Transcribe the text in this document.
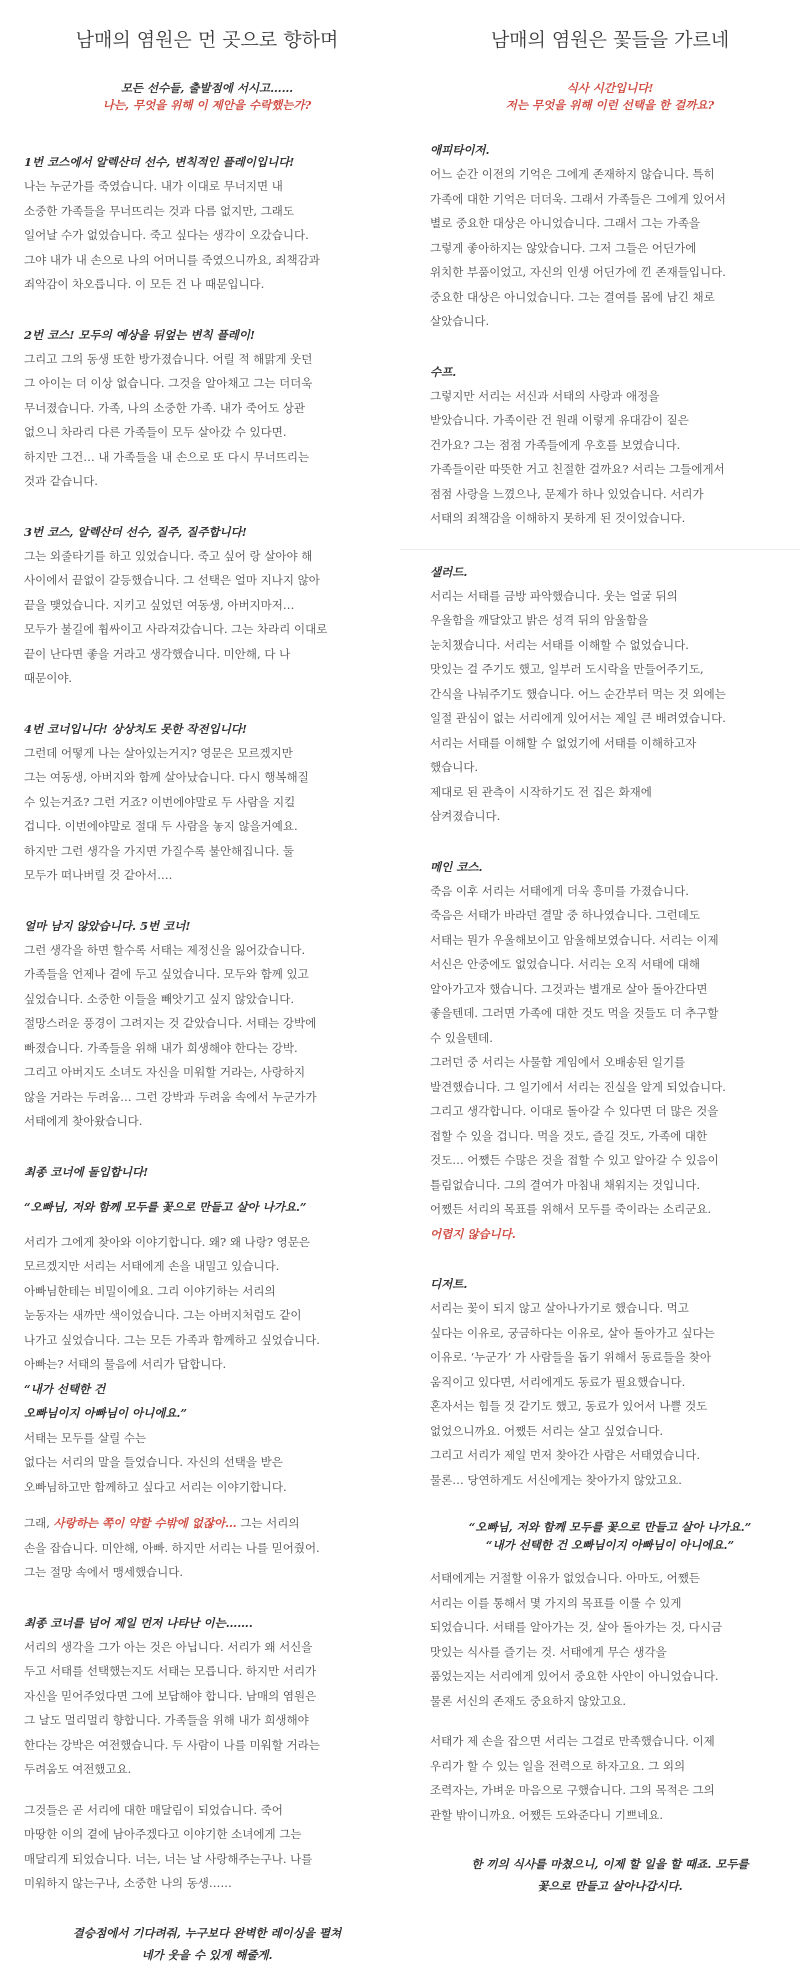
남매의 염원은 먼 곳으로 향하며
모든 선수들, 출발점에 서시고……
나는, 무엇을 위해 이 제안을 수락했는가?
1번 코스에서 알렉산더 선수, 변칙적인 플레이입니다!
나는 누군가를 죽였습니다. 내가 이대로 무너지면 내
소중한 가족들을 무너뜨리는 것과 다름 없지만, 그래도
일어날 수가 없었습니다. 죽고 싶다는 생각이 오갔습니다.
그야 내가 내 손으로 나의 어머니를 죽였으니까요, 죄책감과
죄악감이 차오릅니다. 이 모든 건 나 때문입니다.
2번 코스! 모두의 예상을 뒤엎는 변칙 플레이!
그리고 그의 동생 또한 방가졌습니다. 어릴 적 해맑게 웃던
그 아이는 더 이상 없습니다. 그것을 알아채고 그는 더더욱
무너졌습니다. 가족, 나의 소중한 가족. 내가 죽어도 상관
없으니 차라리 다른 가족들이 모두 살아갔 수 있다면.
하지만 그건… 내 가족들을 내 손으로 또 다시 무너뜨리는
것과 같습니다.
3번 코스, 알렉산더 선수, 질주, 질주합니다!
그는 외줄타기를 하고 있었습니다. 죽고 싶어 랑 살아야 해
사이에서 끝없이 갈등했습니다. 그 선택은 얼마 지나지 않아
끝을 맺었습니다. 지키고 싶었던 여동생, 아버지마저…
모두가 불길에 휩싸이고 사라져갔습니다. 그는 차라리 이대로
끝이 난다면 좋을 거라고 생각했습니다. 미안해, 다 나
때문이야.
4번 코너입니다! 상상치도 못한 작전입니다!
그런데 어떻게 나는 살아있는거지? 영문은 모르겠지만
그는 여동생, 아버지와 함께 살아났습니다. 다시 행복해질
수 있는거죠? 그런 거죠? 이번에야말로 두 사람을 지킬
겁니다. 이번에야말로 절대 두 사람을 놓지 않을거예요.
하지만 그런 생각을 가지면 가질수록 불안해집니다. 둘
모두가 떠나버릴 것 같아서….
얼마 남지 않았습니다. 5번 코너!
그런 생각을 하면 할수록 서태는 제정신을 잃어갔습니다.
가족들을 언제나 곁에 두고 싶었습니다. 모두와 함께 있고
싶었습니다. 소중한 이들을 빼앗기고 싶지 않았습니다.
절망스러운 풍경이 그려지는 것 같았습니다. 서태는 강박에
빠졌습니다. 가족들을 위해 내가 희생해야 한다는 강박.
그리고 아버지도 소녀도 자신을 미워할 거라는, 사랑하지
않을 거라는 두려움… 그런 강박과 두려움 속에서 누군가가
서태에게 찾아왔습니다.
최종 코너에 돌입합니다!
“오빠님, 저와 함께 모두를 꽃으로 만들고 살아 나가요.”
서리가 그에게 찾아와 이야기합니다. 왜? 왜 나랑? 영문은
모르겠지만 서리는 서태에게 손을 내밀고 있습니다.
아빠님한테는 비밀이에요. 그리 이야기하는 서리의
눈동자는 새까만 색이었습니다. 그는 아버지처럼도 같이
나가고 싶었습니다. 그는 모든 가족과 함께하고 싶었습니다.
아빠는? 서태의 물음에 서리가 답합니다.
“내가 선택한 건
오빠님이지 아빠님이 아니에요.”
서태는 모두를 살릴 수는
없다는 서리의 말을 들었습니다. 자신의 선택을 받은
오빠님하고만 함께하고 싶다고 서리는 이야기합니다.
그래, 사랑하는 쪽이 약할 수밖에 없잖아… 그는 서리의
손을 잡습니다. 미안해, 아빠. 하지만 서리는 나를 믿어줬어.
그는 절망 속에서 맹세했습니다.
최종 코너를 넘어 제일 먼저 나타난 이는…….
서리의 생각을 그가 아는 것은 아닙니다. 서리가 왜 서신을
두고 서태를 선택했는지도 서태는 모릅니다. 하지만 서리가
자신을 믿어주었다면 그에 보답해야 합니다. 남매의 염원은
그 날도 멀리멀리 향합니다. 가족들을 위해 내가 희생해야
한다는 강박은 여전했습니다. 두 사람이 나를 미워할 거라는
두려움도 여전했고요.
그것들은 곧 서리에 대한 매달림이 되었습니다. 죽어
마땅한 이의 곁에 남아주겠다고 이야기한 소녀에게 그는
매달리게 되었습니다. 너는, 너는 날 사랑해주는구나. 나를
미워하지 않는구나, 소중한 나의 동생……
결승점에서 기다려줘, 누구보다 완벽한 레이싱을 펼쳐
네가 웃을 수 있게 해줄게.
남매의 염원은 꽃들을 가르네
식사 시간입니다!
저는 무엇을 위해 이런 선택을 한 걸까요?
애피타이저.
어느 순간 이전의 기억은 그에게 존재하지 않습니다. 특히
가족에 대한 기억은 더더욱. 그래서 가족들은 그에게 있어서
별로 중요한 대상은 아니었습니다. 그래서 그는 가족을
그렇게 좋아하지는 않았습니다. 그저 그들은 어딘가에
위치한 부품이었고, 자신의 인생 어딘가에 낀 존재들입니다.
중요한 대상은 아니었습니다. 그는 결여를 몸에 남긴 채로
살았습니다.
수프.
그렇지만 서리는 서신과 서태의 사랑과 애정을
받았습니다. 가족이란 건 원래 이렇게 유대감이 짙은
건가요? 그는 점점 가족들에게 우호를 보였습니다.
가족들이란 따뜻한 거고 친절한 걸까요? 서리는 그들에게서
점점 사랑을 느꼈으나, 문제가 하나 있었습니다. 서리가
서태의 죄책감을 이해하지 못하게 된 것이었습니다.
샐러드.
서리는 서태를 금방 파악했습니다. 웃는 얼굴 뒤의
우울함을 깨달았고 밝은 성격 뒤의 암울함을
눈치챘습니다. 서리는 서태를 이해할 수 없었습니다.
맛있는 걸 주기도 했고, 일부러 도시락을 만들어주기도,
간식을 나눠주기도 했습니다. 어느 순간부터 먹는 것 외에는
일절 관심이 없는 서리에게 있어서는 제일 큰 배려였습니다.
서리는 서태를 이해할 수 없었기에 서태를 이해하고자
했습니다.
제대로 된 관측이 시작하기도 전 집은 화재에
삼켜졌습니다.
메인 코스.
죽음 이후 서리는 서태에게 더욱 흥미를 가졌습니다.
죽음은 서태가 바라던 결말 중 하나였습니다. 그런데도
서태는 뭔가 우울해보이고 암울해보였습니다. 서리는 이제
서신은 안중에도 없었습니다. 서리는 오직 서태에 대해
알아가고자 했습니다. 그것과는 별개로 살아 돌아간다면
좋을텐데. 그러면 가족에 대한 것도 먹을 것들도 더 추구할
수 있을텐데.
그러던 중 서리는 사물함 게임에서 오배송된 일기를
발견했습니다. 그 일기에서 서리는 진실을 알게 되었습니다.
그리고 생각합니다. 이대로 돌아갈 수 있다면 더 많은 것을
접할 수 있을 겁니다. 먹을 것도, 즐길 것도, 가족에 대한
것도… 어쨌든 수많은 것을 접할 수 있고 알아갈 수 있음이
틀림없습니다. 그의 결여가 마침내 채워지는 것입니다.
어쨌든 서리의 목표를 위해서 모두를 죽이라는 소리군요.
어렵지 않습니다.
디저트.
서리는 꽃이 되지 않고 살아나가기로 했습니다. 먹고
싶다는 이유로, 궁금하다는 이유로, 살아 돌아가고 싶다는
이유로. ‘누군가’ 가 사람들을 돕기 위해서 동료들을 찾아
움직이고 있다면, 서리에게도 동료가 필요했습니다.
혼자서는 힘들 것 같기도 했고, 동료가 있어서 나쁠 것도
없었으니까요. 어쨌든 서리는 살고 싶었습니다.
그리고 서리가 제일 먼저 찾아간 사람은 서태였습니다.
물론… 당연하게도 서신에게는 찾아가지 않았고요.
“오빠님, 저와 함께 모두를 꽃으로 만들고 살아 나가요.”
“내가 선택한 건 오빠님이지 아빠님이 아니에요.”
서태에게는 거절할 이유가 없었습니다. 아마도, 어쨌든
서리는 이를 통해서 몇 가지의 목표를 이룰 수 있게
되었습니다. 서태를 알아가는 것, 살아 돌아가는 것, 다시금
맛있는 식사를 즐기는 것. 서태에게 무슨 생각을
품었는지는 서리에게 있어서 중요한 사안이 아니었습니다.
물론 서신의 존재도 중요하지 않았고요.
서태가 제 손을 잡으면 서리는 그걸로 만족했습니다. 이제
우리가 할 수 있는 일을 전력으로 하자고요. 그 외의
조력자는, 가벼운 마음으로 구했습니다. 그의 목적은 그의
관할 밖이니까요. 어쨌든 도와준다니 기쁘네요.
한 끼의 식사를 마쳤으니, 이제 할 일을 할 때죠. 모두를
꽃으로 만들고 살아나갑시다.
